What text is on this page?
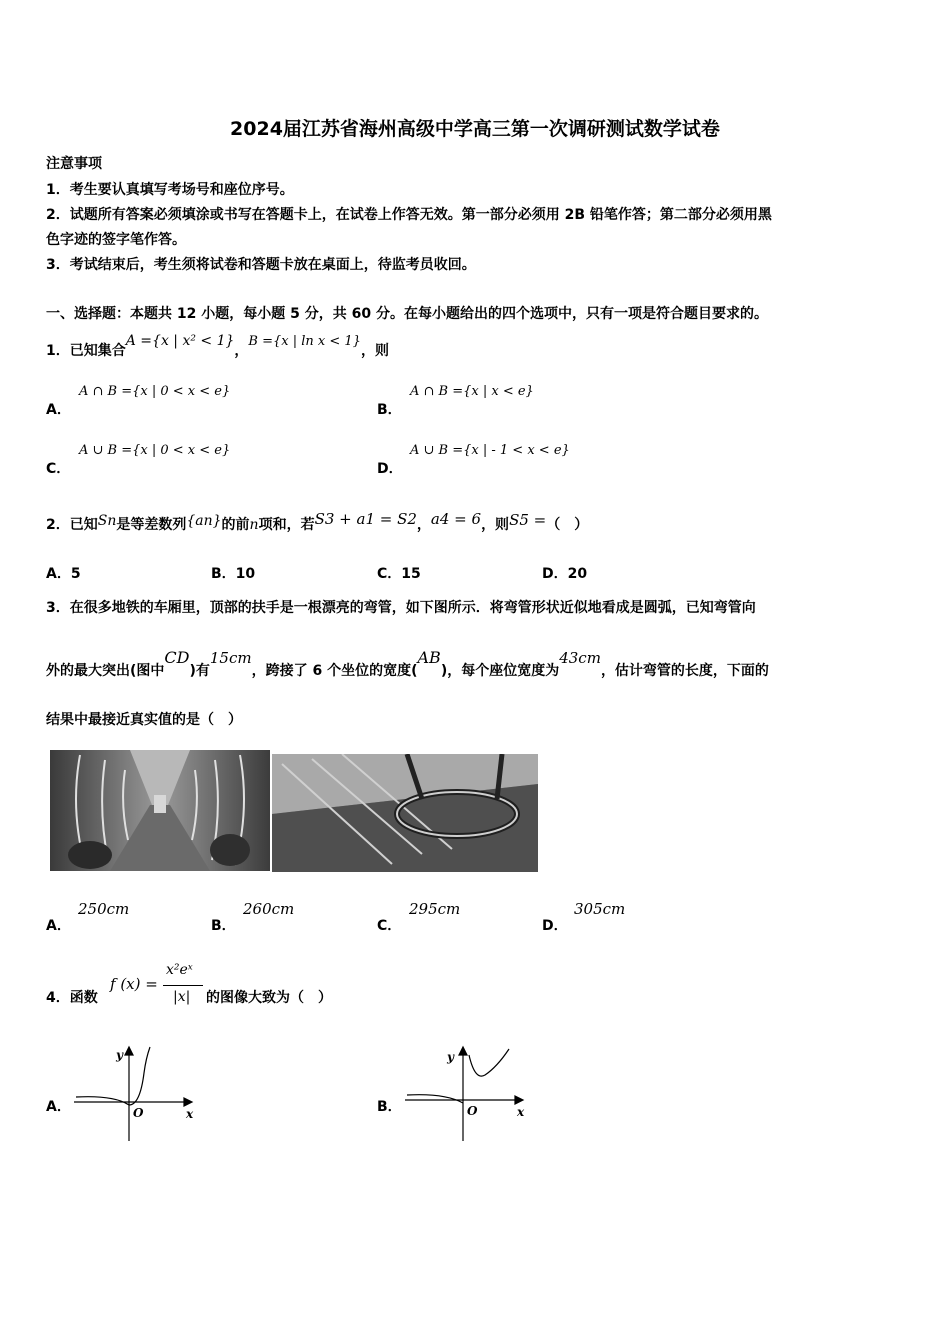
2024届江苏省海州高级中学高三第一次调研测试数学试卷
注意事项
1．考生要认真填写考场号和座位序号。
2．试题所有答案必须填涂或书写在答题卡上，在试卷上作答无效。第一部分必须用 2B 铅笔作答；第二部分必须用黑
色字迹的签字笔作答。
3．考试结束后，考生须将试卷和答题卡放在桌面上，待监考员收回。
一、选择题：本题共 12 小题，每小题 5 分，共 60 分。在每小题给出的四个选项中，只有一项是符合题目要求的。
1．已知集合A ={x | x² < 1}，B ={x | ln x < 1}，则
A．
A ∩ B ={x | 0 < x < e}
B．
A ∩ B ={x | x < e}
C．
A ∪ B ={x | 0 < x < e}
D．
A ∪ B ={x | - 1 < x < e}
2．已知Sn是等差数列{an}的前n项和，若S3 + a1 = S2，a4 = 6，则S5 =（　）
A．5	B．10	C．15	D．20
3．在很多地铁的车厢里，顶部的扶手是一根漂亮的弯管，如下图所示．将弯管形状近似地看成是圆弧，已知弯管向
外的最大突出(图中CD)有15cm，跨接了 6 个坐位的宽度(AB)，每个座位宽度为43cm，估计弯管的长度，下面的
结果中最接近真实值的是（　）
A．
250cm
B．
260cm
C．
295cm
D．
305cm
4．函数
f (x) =
x²eˣ
|x| 的图像大致为（　）
A．
y
x
O	B．
y
x
O
